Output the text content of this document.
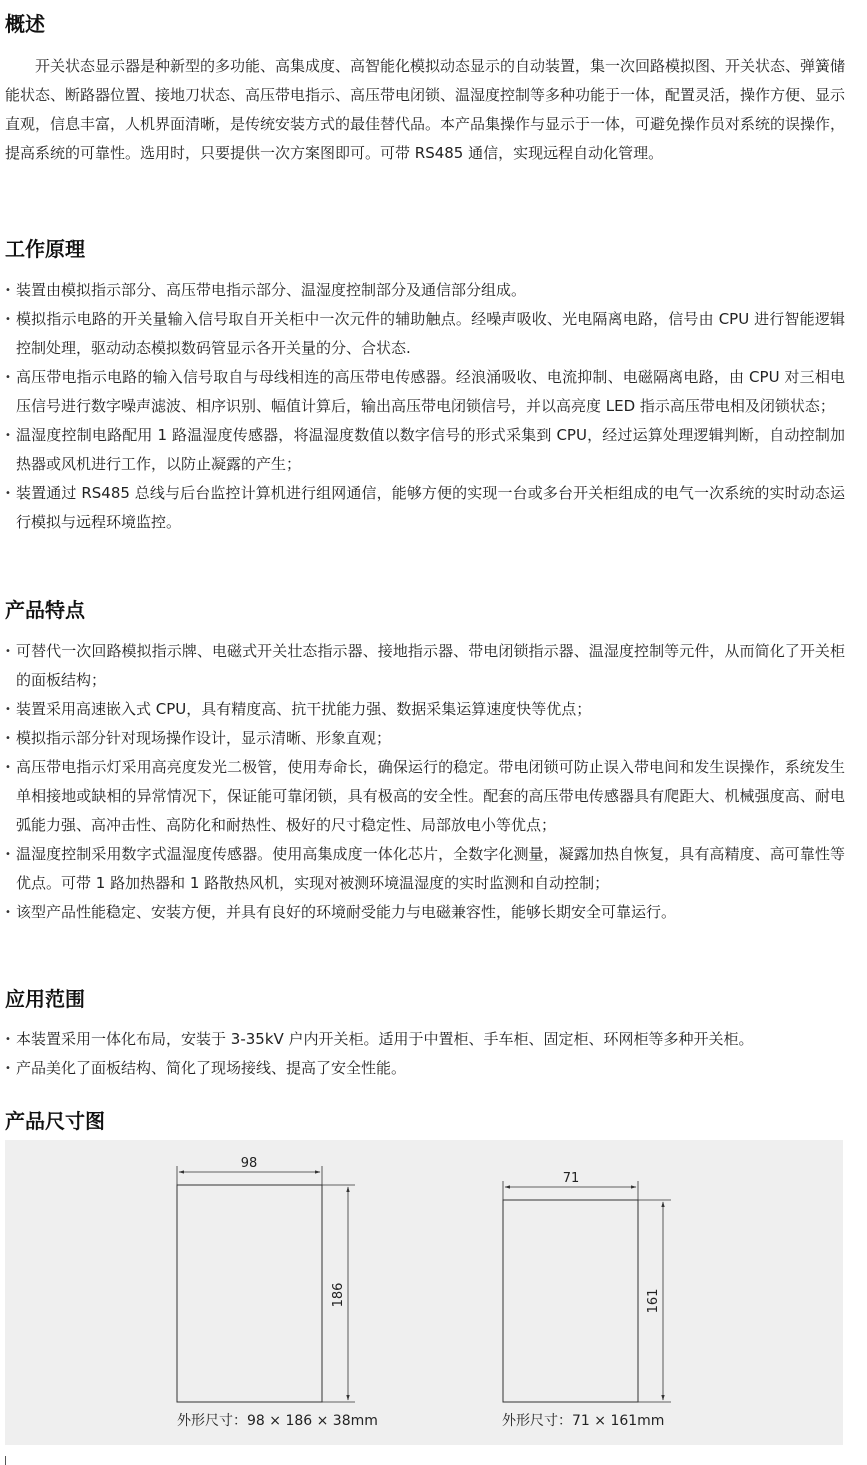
概述

开关状态显示器是种新型的多功能、高集成度、高智能化模拟动态显示的自动装置，集一次回路模拟图、开关状态、弹簧储能状态、断路器位置、接地刀状态、高压带电指示、高压带电闭锁、温湿度控制等多种功能于一体，配置灵活，操作方便、显示直观，信息丰富，人机界面清晰，是传统安装方式的最佳替代品。本产品集操作与显示于一体，可避免操作员对系统的误操作，提高系统的可靠性。选用时，只要提供一次方案图即可。可带 RS485 通信，实现远程自动化管理。

工作原理
• 装置由模拟指示部分、高压带电指示部分、温湿度控制部分及通信部分组成。
• 模拟指示电路的开关量输入信号取自开关柜中一次元件的辅助触点。经噪声吸收、光电隔离电路，信号由 CPU 进行智能逻辑控制处理，驱动动态模拟数码管显示各开关量的分、合状态.
• 高压带电指示电路的输入信号取自与母线相连的高压带电传感器。经浪涌吸收、电流抑制、电磁隔离电路，由 CPU 对三相电压信号进行数字噪声滤波、相序识别、幅值计算后，输出高压带电闭锁信号，并以高亮度 LED 指示高压带电相及闭锁状态；
• 温湿度控制电路配用 1 路温湿度传感器，将温湿度数值以数字信号的形式采集到 CPU，经过运算处理逻辑判断，自动控制加热器或风机进行工作，以防止凝露的产生；
• 装置通过 RS485 总线与后台监控计算机进行组网通信，能够方便的实现一台或多台开关柜组成的电气一次系统的实时动态运行模拟与远程环境监控。
产品特点
• 可替代一次回路模拟指示牌、电磁式开关壮态指示器、接地指示器、带电闭锁指示器、温湿度控制等元件，从而简化了开关柜的面板结构；
• 装置采用高速嵌入式 CPU，具有精度高、抗干扰能力强、数据采集运算速度快等优点；
• 模拟指示部分针对现场操作设计，显示清晰、形象直观；
• 高压带电指示灯采用高亮度发光二极管，使用寿命长，确保运行的稳定。带电闭锁可防止误入带电间和发生误操作，系统发生单相接地或缺相的异常情况下，保证能可靠闭锁，具有极高的安全性。配套的高压带电传感器具有爬距大、机械强度高、耐电弧能力强、高冲击性、高防化和耐热性、极好的尺寸稳定性、局部放电小等优点；
• 温湿度控制采用数字式温湿度传感器。使用高集成度一体化芯片，全数字化测量，凝露加热自恢复，具有高精度、高可靠性等优点。可带 1 路加热器和 1 路散热风机，实现对被测环境温湿度的实时监测和自动控制；
• 该型产品性能稳定、安装方便，并具有良好的环境耐受能力与电磁兼容性，能够长期安全可靠运行。
应用范围
• 本装置采用一体化布局，安装于 3-35kV 户内开关柜。适用于中置柜、手车柜、固定柜、环网柜等多种开关柜。
• 产品美化了面板结构、简化了现场接线、提高了安全性能。
产品尺寸图
98
186
71
161
外形尺寸：98 × 186 × 38mm	外形尺寸：71 × 161mm
